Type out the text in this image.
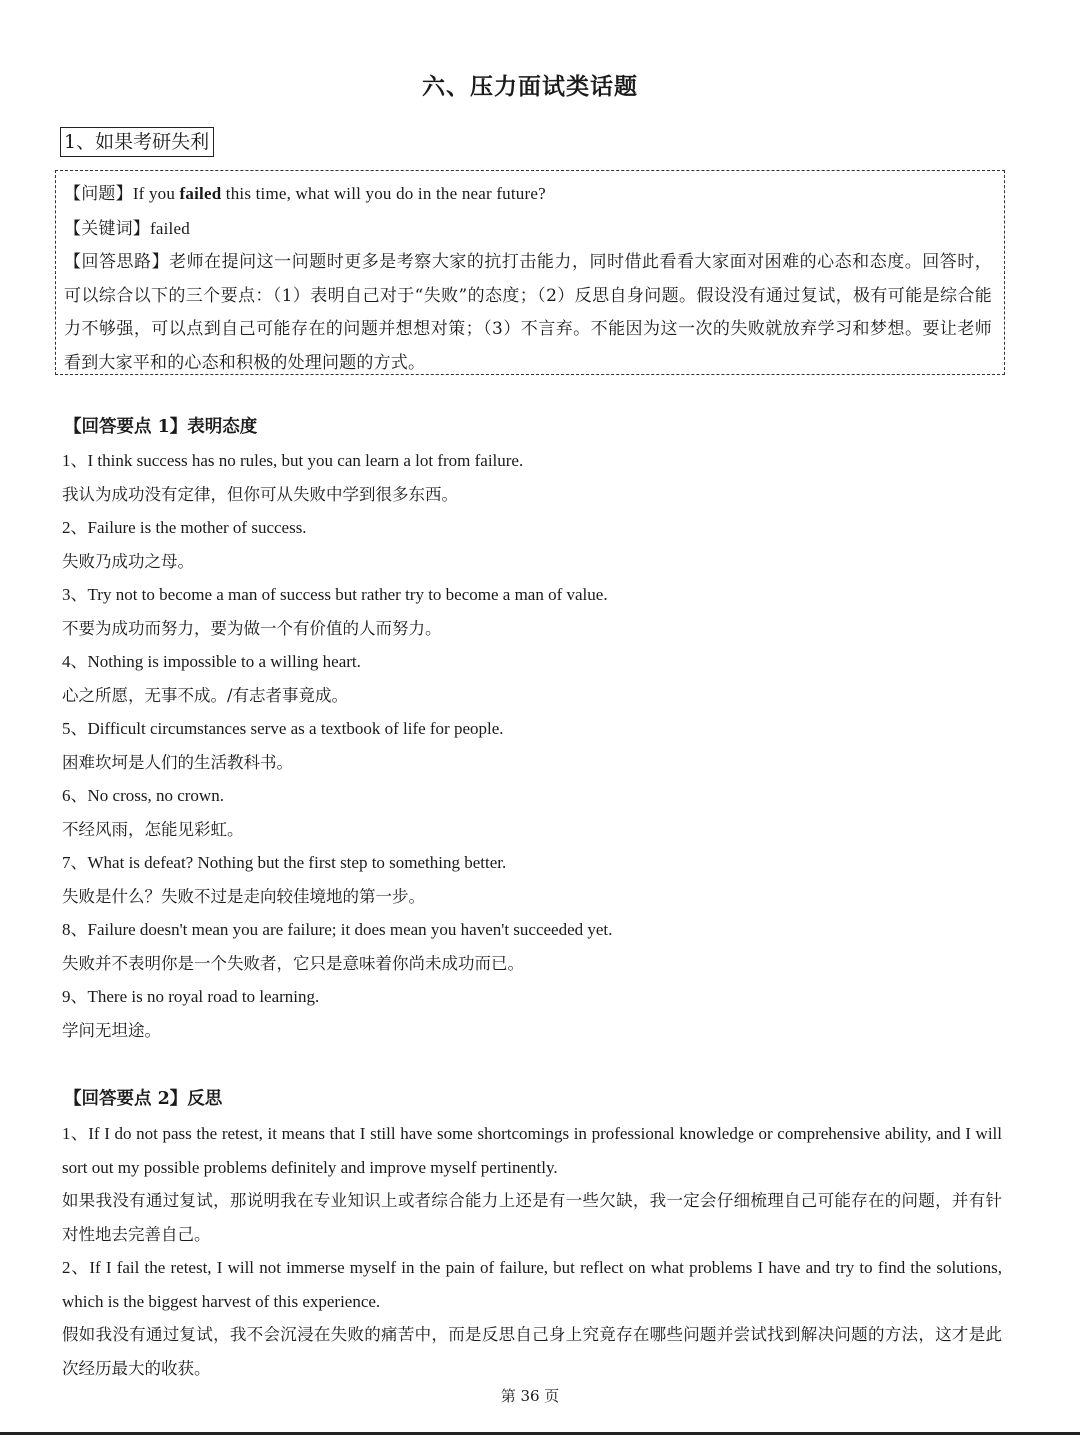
六、压力面试类话题
1、如果考研失利

【问题】If you failed this time, what will you do in the near future?

【关键词】failed

【回答思路】老师在提问这一问题时更多是考察大家的抗打击能力，同时借此看看大家面对困难的心态和态度。回答时，可以综合以下的三个要点：（1）表明自己对于“失败”的态度；（2）反思自身问题。假设没有通过复试，极有可能是综合能力不够强，可以点到自己可能存在的问题并想想对策；（3）不言弃。不能因为这一次的失败就放弃学习和梦想。要让老师看到大家平和的心态和积极的处理问题的方式。

【回答要点 1】表明态度

1、I think success has no rules, but you can learn a lot from failure.

我认为成功没有定律，但你可从失败中学到很多东西。

2、Failure is the mother of success.

失败乃成功之母。

3、Try not to become a man of success but rather try to become a man of value.

不要为成功而努力，要为做一个有价值的人而努力。

4、Nothing is impossible to a willing heart.

心之所愿，无事不成。/有志者事竟成。

5、Difficult circumstances serve as a textbook of life for people.

困难坎坷是人们的生活教科书。

6、No cross, no crown.

不经风雨，怎能见彩虹。

7、What is defeat? Nothing but the first step to something better.

失败是什么？失败不过是走向较佳境地的第一步。

8、Failure doesn't mean you are failure; it does mean you haven't succeeded yet.

失败并不表明你是一个失败者，它只是意味着你尚未成功而已。

9、There is no royal road to learning.

学问无坦途。

【回答要点 2】反思

1、If I do not pass the retest, it means that I still have some shortcomings in professional knowledge or comprehensive ability, and I will sort out my possible problems definitely and improve myself pertinently.

如果我没有通过复试，那说明我在专业知识上或者综合能力上还是有一些欠缺，我一定会仔细梳理自己可能存在的问题，并有针对性地去完善自己。

2、If I fail the retest, I will not immerse myself in the pain of failure, but reflect on what problems I have and try to find the solutions, which is the biggest harvest of this experience.

假如我没有通过复试，我不会沉浸在失败的痛苦中，而是反思自己身上究竟存在哪些问题并尝试找到解决问题的方法，这才是此次经历最大的收获。

第 36 页
